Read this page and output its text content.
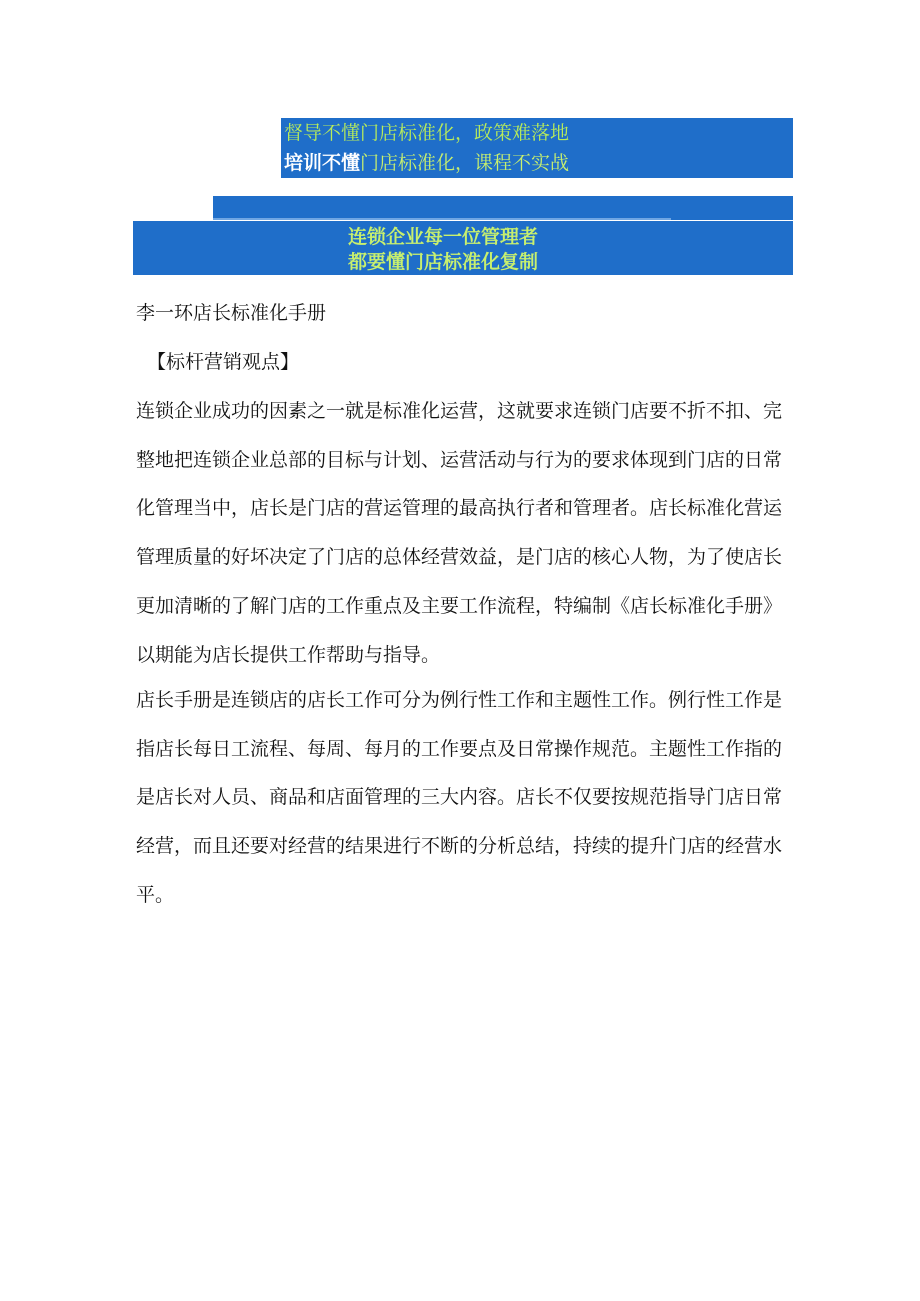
督导不懂门店标准化，政策难落地
培训不懂门店标准化，课程不实战
连锁企业每一位管理者
都要懂门店标准化复制
李一环店长标准化手册
【标杆营销观点】

连锁企业成功的因素之一就是标准化运营，这就要求连锁门店要不折不扣、完整地把连锁企业总部的目标与计划、运营活动与行为的要求体现到门店的日常化管理当中，店长是门店的营运管理的最高执行者和管理者。店长标准化营运管理质量的好坏决定了门店的总体经营效益，是门店的核心人物，为了使店长更加清晰的了解门店的工作重点及主要工作流程，特编制《店长标准化手册》以期能为店长提供工作帮助与指导。

店长手册是连锁店的店长工作可分为例行性工作和主题性工作。例行性工作是指店长每日工流程、每周、每月的工作要点及日常操作规范。主题性工作指的是店长对人员、商品和店面管理的三大内容。店长不仅要按规范指导门店日常经营，而且还要对经营的结果进行不断的分析总结，持续的提升门店的经营水平。
